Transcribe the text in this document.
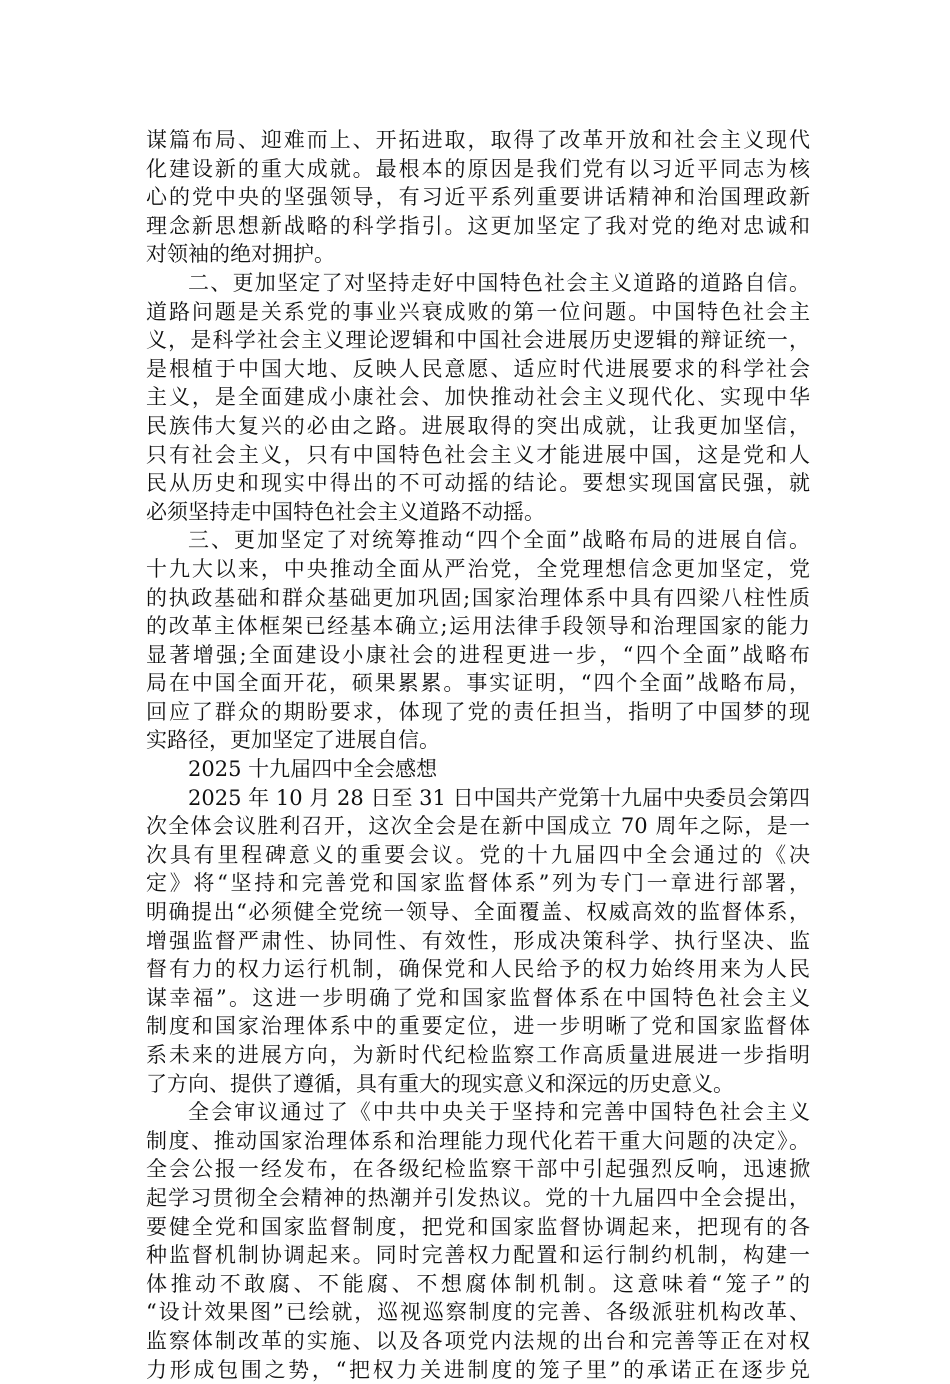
谋篇布局、迎难而上、开拓进取，取得了改革开放和社会主义现代
化建设新的重大成就。最根本的原因是我们党有以习近平同志为核
心的党中央的坚强领导，有习近平系列重要讲话精神和治国理政新
理念新思想新战略的科学指引。这更加坚定了我对党的绝对忠诚和
对领袖的绝对拥护。
二、更加坚定了对坚持走好中国特色社会主义道路的道路自信。
道路问题是关系党的事业兴衰成败的第一位问题。中国特色社会主
义，是科学社会主义理论逻辑和中国社会进展历史逻辑的辩证统一，
是根植于中国大地、反映人民意愿、适应时代进展要求的科学社会
主义，是全面建成小康社会、加快推动社会主义现代化、实现中华
民族伟大复兴的必由之路。进展取得的突出成就，让我更加坚信，
只有社会主义，只有中国特色社会主义才能进展中国，这是党和人
民从历史和现实中得出的不可动摇的结论。要想实现国富民强，就
必须坚持走中国特色社会主义道路不动摇。
三、更加坚定了对统筹推动“四个全面”战略布局的进展自信。
十九大以来，中央推动全面从严治党，全党理想信念更加坚定，党
的执政基础和群众基础更加巩固;国家治理体系中具有四梁八柱性质
的改革主体框架已经基本确立;运用法律手段领导和治理国家的能力
显著增强;全面建设小康社会的进程更进一步，“四个全面”战略布
局在中国全面开花，硕果累累。事实证明，“四个全面”战略布局，
回应了群众的期盼要求，体现了党的责任担当，指明了中国梦的现
实路径，更加坚定了进展自信。
2025 十九届四中全会感想
2025 年 10 月 28 日至 31 日中国共产党第十九届中央委员会第四
次全体会议胜利召开，这次全会是在新中国成立 70 周年之际，是一
次具有里程碑意义的重要会议。党的十九届四中全会通过的《决
定》将“坚持和完善党和国家监督体系”列为专门一章进行部署，
明确提出“必须健全党统一领导、全面覆盖、权威高效的监督体系，
增强监督严肃性、协同性、有效性，形成决策科学、执行坚决、监
督有力的权力运行机制，确保党和人民给予的权力始终用来为人民
谋幸福”。这进一步明确了党和国家监督体系在中国特色社会主义
制度和国家治理体系中的重要定位，进一步明晰了党和国家监督体
系未来的进展方向，为新时代纪检监察工作高质量进展进一步指明
了方向、提供了遵循，具有重大的现实意义和深远的历史意义。
全会审议通过了《中共中央关于坚持和完善中国特色社会主义
制度、推动国家治理体系和治理能力现代化若干重大问题的决定》。
全会公报一经发布，在各级纪检监察干部中引起强烈反响，迅速掀
起学习贯彻全会精神的热潮并引发热议。党的十九届四中全会提出，
要健全党和国家监督制度，把党和国家监督协调起来，把现有的各
种监督机制协调起来。同时完善权力配置和运行制约机制，构建一
体推动不敢腐、不能腐、不想腐体制机制。这意味着“笼子”的
“设计效果图”已绘就，巡视巡察制度的完善、各级派驻机构改革、
监察体制改革的实施、以及各项党内法规的出台和完善等正在对权
力形成包围之势，“把权力关进制度的笼子里”的承诺正在逐步兑
